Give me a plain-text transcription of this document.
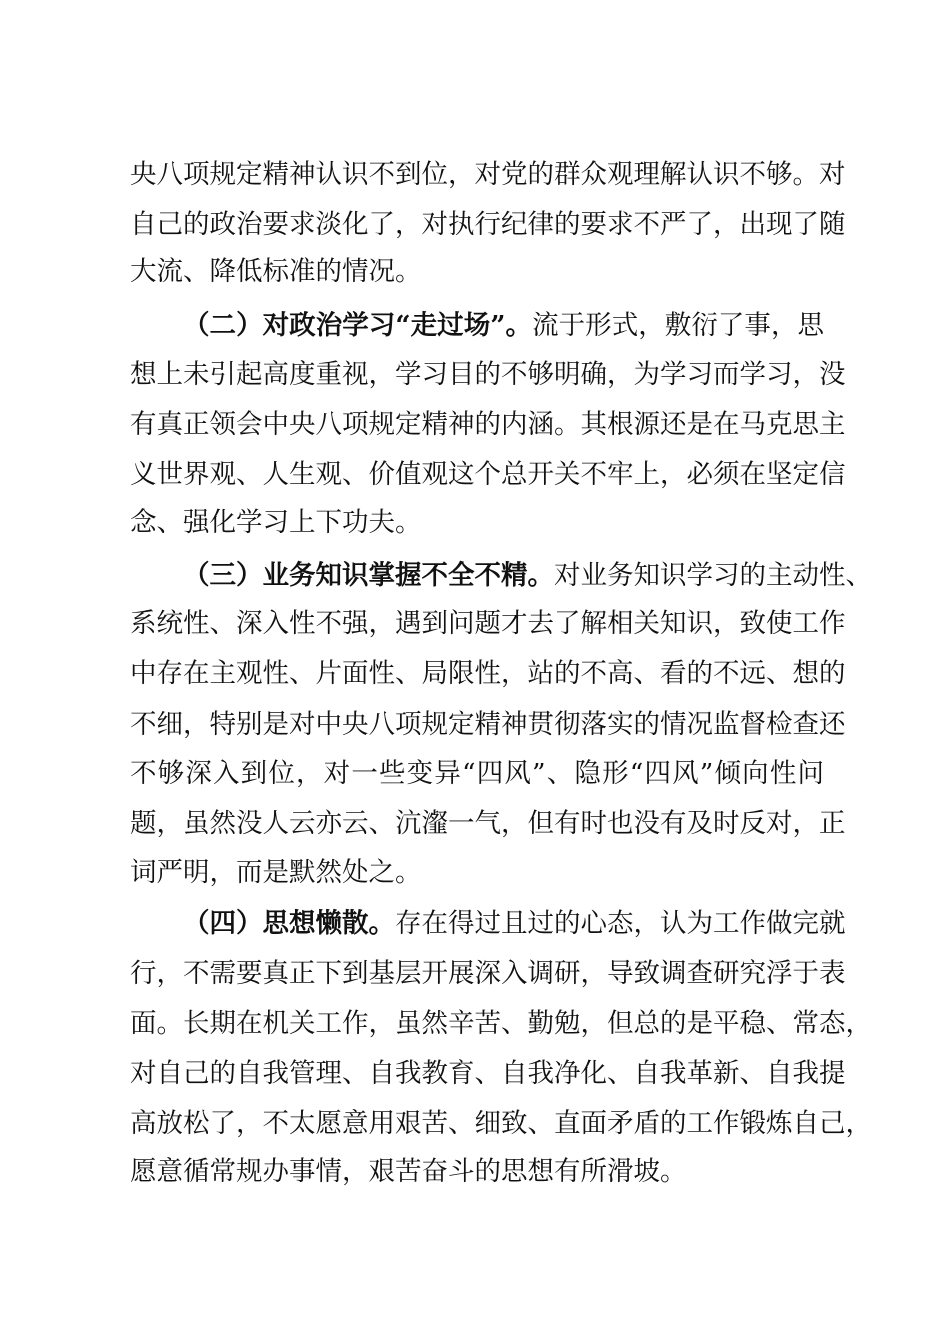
央八项规定精神认识不到位，对党的群众观理解认识不够。对
自己的政治要求淡化了，对执行纪律的要求不严了，出现了随
大流、降低标准的情况。
（二）对政治学习“走过场”。流于形式，敷衍了事，思
想上未引起高度重视，学习目的不够明确，为学习而学习，没
有真正领会中央八项规定精神的内涵。其根源还是在马克思主
义世界观、人生观、价值观这个总开关不牢上，必须在坚定信
念、强化学习上下功夫。
（三）业务知识掌握不全不精。对业务知识学习的主动性、
系统性、深入性不强，遇到问题才去了解相关知识，致使工作
中存在主观性、片面性、局限性，站的不高、看的不远、想的
不细，特别是对中央八项规定精神贯彻落实的情况监督检查还
不够深入到位，对一些变异“四风”、隐形“四风”倾向性问
题，虽然没人云亦云、沆瀣一气，但有时也没有及时反对，正
词严明，而是默然处之。
（四）思想懒散。存在得过且过的心态，认为工作做完就
行，不需要真正下到基层开展深入调研，导致调查研究浮于表
面。长期在机关工作，虽然辛苦、勤勉，但总的是平稳、常态，
对自己的自我管理、自我教育、自我净化、自我革新、自我提
高放松了，不太愿意用艰苦、细致、直面矛盾的工作锻炼自己，
愿意循常规办事情，艰苦奋斗的思想有所滑坡。
